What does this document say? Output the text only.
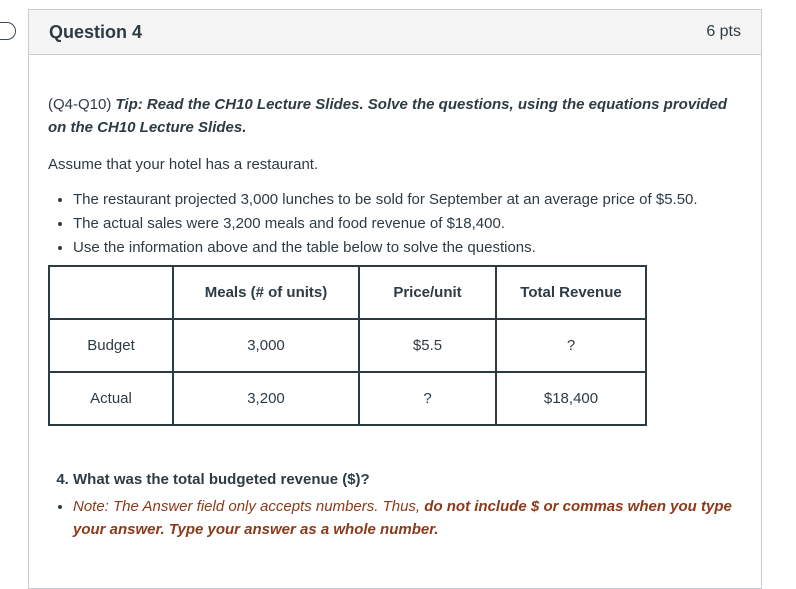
Question 4	6 pts
(Q4-Q10) Tip: Read the CH10 Lecture Slides. Solve the questions, using the equations provided on the CH10 Lecture Slides.
Assume that your hotel has a restaurant.
• The restaurant projected 3,000 lunches to be sold for September at an average price of $5.50.
• The actual sales were 3,200 meals and food revenue of $18,400.
• Use the information above and the table below to solve the questions.
	Meals (# of units)	Price/unit	Total Revenue
Budget	3,000	$5.5	?
Actual	3,200	?	$18,400
4. What was the total budgeted revenue ($)?
• Note: The Answer field only accepts numbers. Thus, do not include $ or commas when you type your answer. Type your answer as a whole number.
